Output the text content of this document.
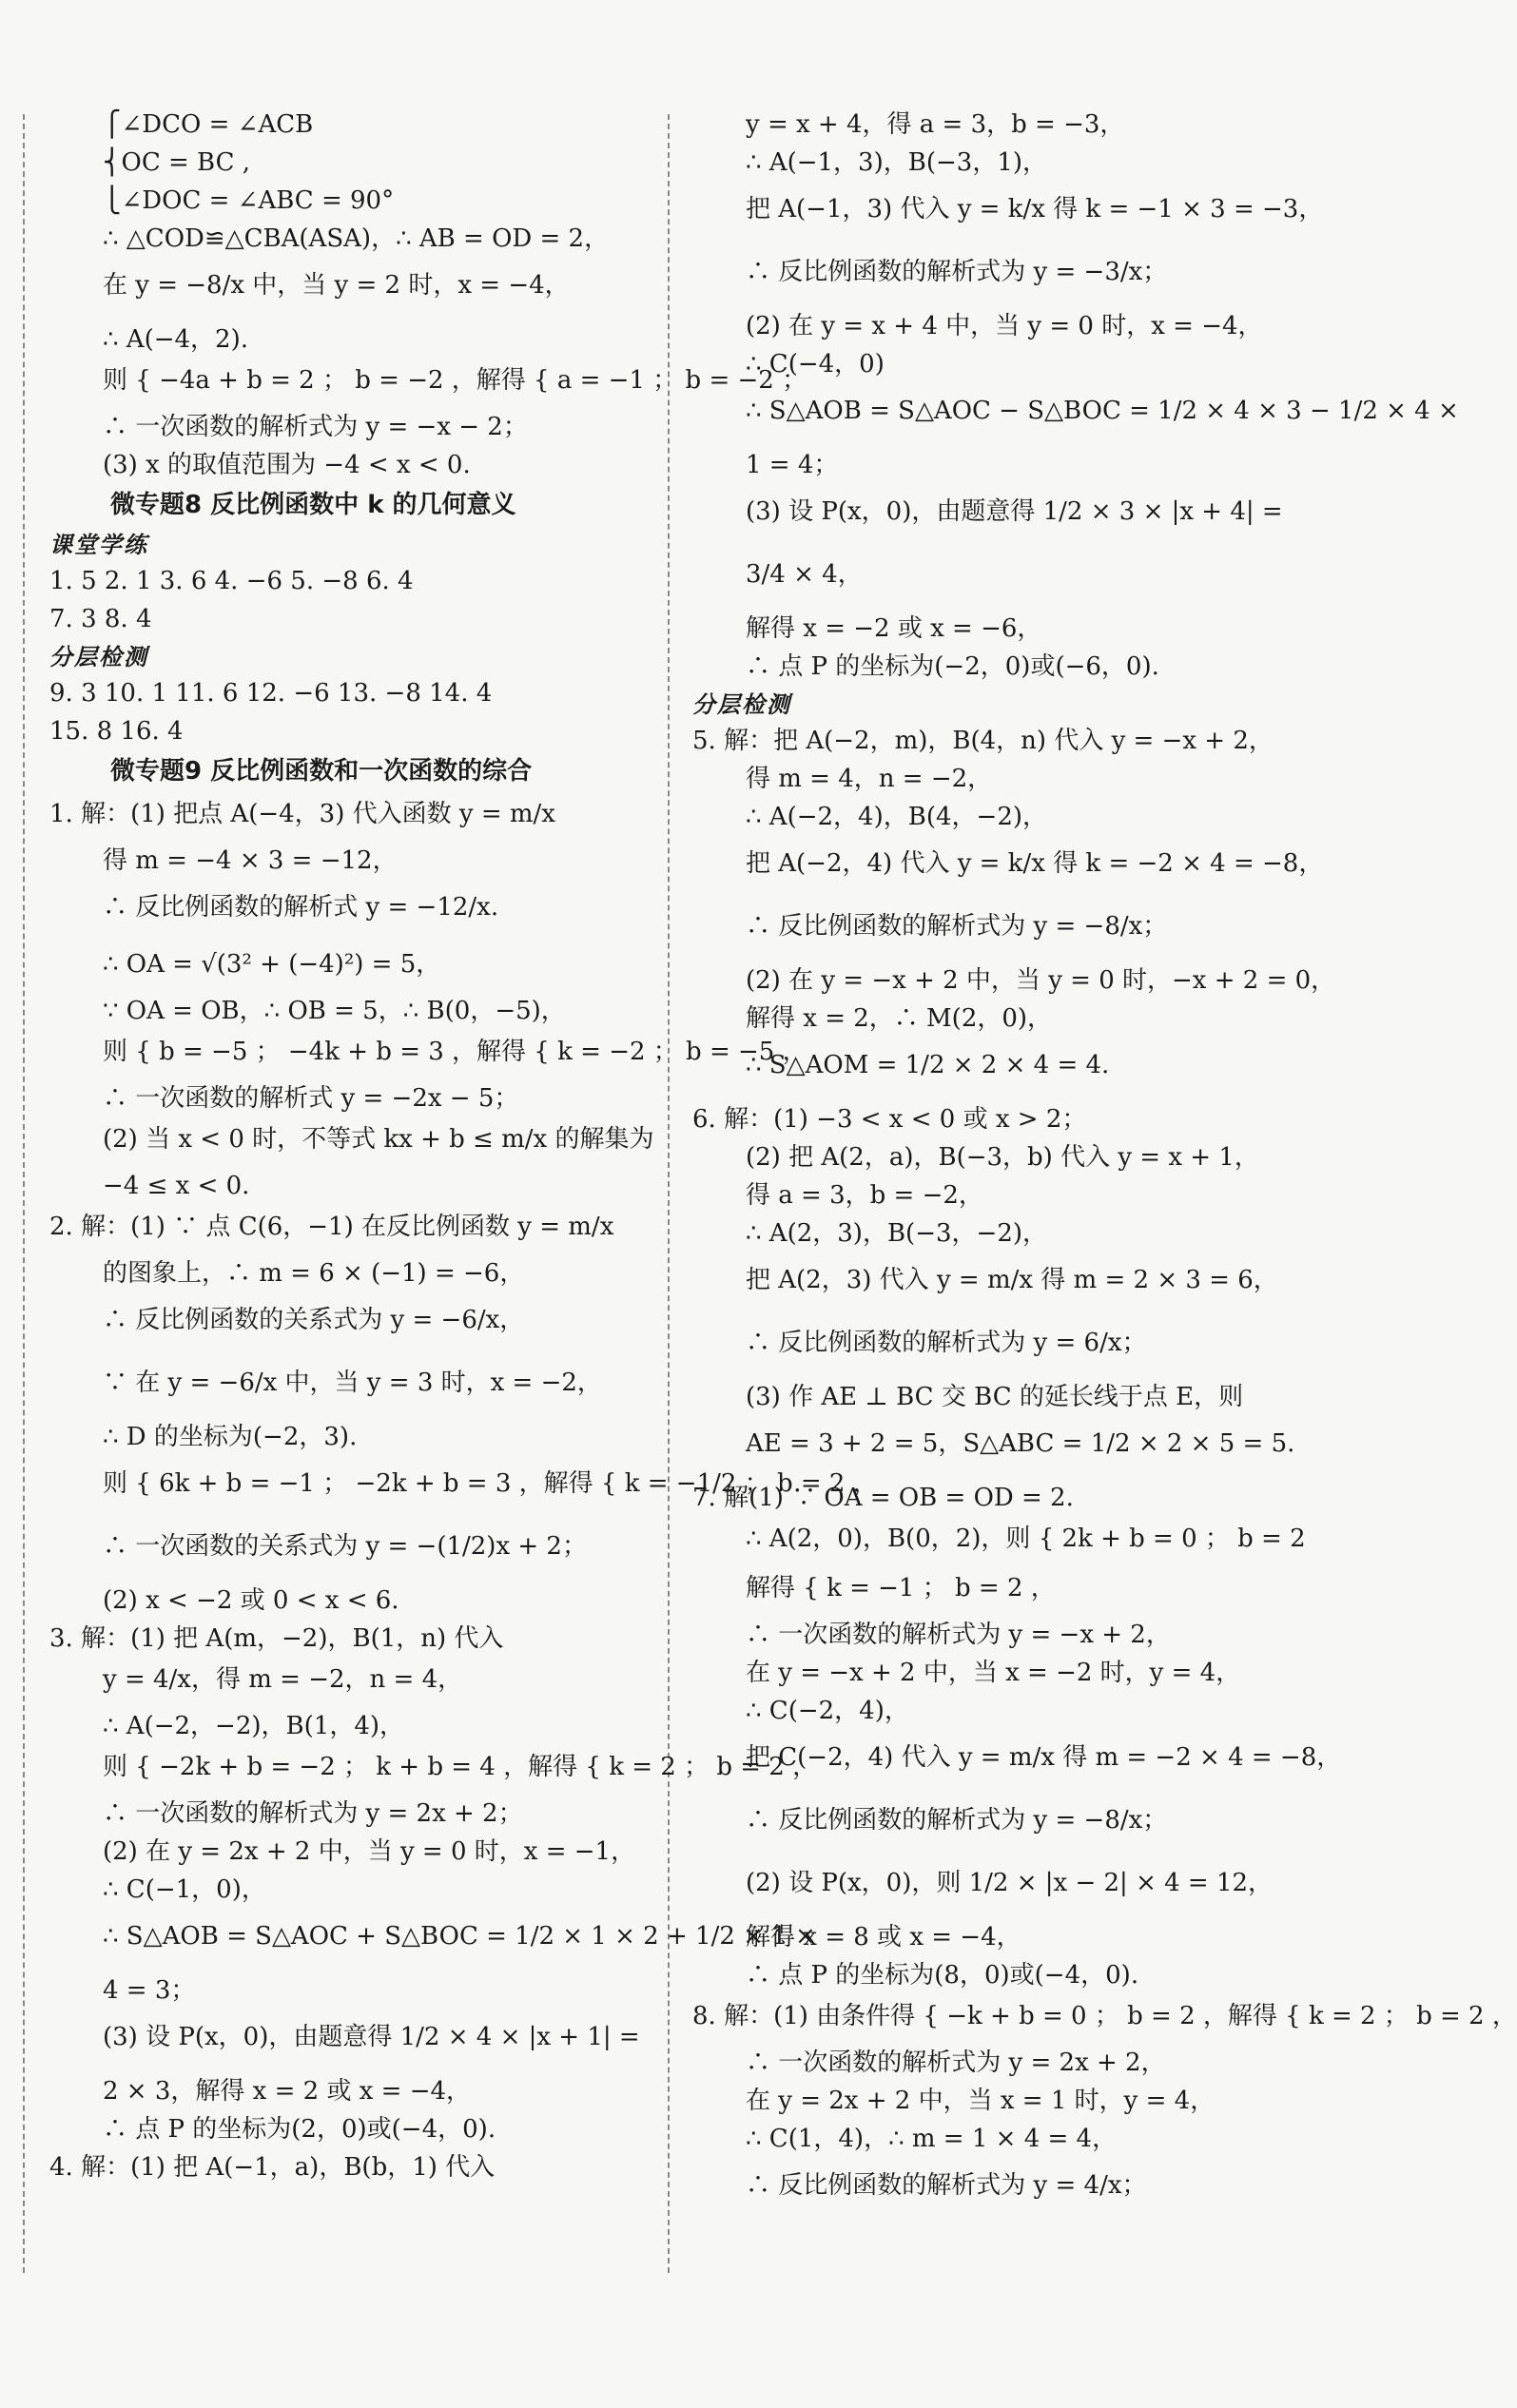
⎧∠DCO = ∠ACB
⎨OC = BC ,
⎩∠DOC = ∠ABC = 90°
∴ △COD≌△CBA(ASA)，∴ AB = OD = 2，
在 y = −8/x 中，当 y = 2 时，x = −4，
∴ A(−4，2).
则 { −4a + b = 2 ； b = −2 ，解得 { a = −1 ； b = −2 ；
∴ 一次函数的解析式为 y = −x − 2；
(3) x 的取值范围为 −4 < x < 0.
微专题8 反比例函数中 k 的几何意义
课堂学练
1. 5 2. 1 3. 6 4. −6 5. −8 6. 4
7. 3 8. 4
分层检测
9. 3 10. 1 11. 6 12. −6 13. −8 14. 4
15. 8 16. 4
微专题9 反比例函数和一次函数的综合
1. 解：(1) 把点 A(−4，3) 代入函数 y = m/x
得 m = −4 × 3 = −12，
∴ 反比例函数的解析式 y = −12/x.
∴ OA = √(3² + (−4)²) = 5，
∵ OA = OB，∴ OB = 5，∴ B(0，−5)，
则 { b = −5 ； −4k + b = 3 ，解得 { k = −2 ； b = −5 ，
∴ 一次函数的解析式 y = −2x − 5；
(2) 当 x < 0 时，不等式 kx + b ≤ m/x 的解集为
−4 ≤ x < 0.
2. 解：(1) ∵ 点 C(6，−1) 在反比例函数 y = m/x
的图象上，∴ m = 6 × (−1) = −6，
∴ 反比例函数的关系式为 y = −6/x，
∵ 在 y = −6/x 中，当 y = 3 时，x = −2，
∴ D 的坐标为(−2，3).
则 { 6k + b = −1 ； −2k + b = 3 ，解得 { k = −1/2 ； b = 2 ，
∴ 一次函数的关系式为 y = −(1/2)x + 2；
(2) x < −2 或 0 < x < 6.
3. 解：(1) 把 A(m，−2)，B(1，n) 代入
y = 4/x，得 m = −2，n = 4，
∴ A(−2，−2)，B(1，4)，
则 { −2k + b = −2 ； k + b = 4 ，解得 { k = 2 ； b = 2 ，
∴ 一次函数的解析式为 y = 2x + 2；
(2) 在 y = 2x + 2 中，当 y = 0 时，x = −1，
∴ C(−1，0)，
∴ S△AOB = S△AOC + S△BOC = 1/2 × 1 × 2 + 1/2 × 1 ×
4 = 3；
(3) 设 P(x，0)，由题意得 1/2 × 4 × |x + 1| =
2 × 3，解得 x = 2 或 x = −4，
∴ 点 P 的坐标为(2，0)或(−4，0).
4. 解：(1) 把 A(−1，a)，B(b，1) 代入
y = x + 4，得 a = 3，b = −3，
∴ A(−1，3)，B(−3，1)，
把 A(−1，3) 代入 y = k/x 得 k = −1 × 3 = −3，
∴ 反比例函数的解析式为 y = −3/x；
(2) 在 y = x + 4 中，当 y = 0 时，x = −4，
∴ C(−4，0)
∴ S△AOB = S△AOC − S△BOC = 1/2 × 4 × 3 − 1/2 × 4 ×
1 = 4；
(3) 设 P(x，0)，由题意得 1/2 × 3 × |x + 4| =
3/4 × 4，
解得 x = −2 或 x = −6，
∴ 点 P 的坐标为(−2，0)或(−6，0).
分层检测
5. 解：把 A(−2，m)，B(4，n) 代入 y = −x + 2，
得 m = 4，n = −2，
∴ A(−2，4)，B(4，−2)，
把 A(−2，4) 代入 y = k/x 得 k = −2 × 4 = −8，
∴ 反比例函数的解析式为 y = −8/x；
(2) 在 y = −x + 2 中，当 y = 0 时，−x + 2 = 0，
解得 x = 2，∴ M(2，0)，
∴ S△AOM = 1/2 × 2 × 4 = 4.
6. 解：(1) −3 < x < 0 或 x > 2；
(2) 把 A(2，a)，B(−3，b) 代入 y = x + 1，
得 a = 3，b = −2，
∴ A(2，3)，B(−3，−2)，
把 A(2，3) 代入 y = m/x 得 m = 2 × 3 = 6，
∴ 反比例函数的解析式为 y = 6/x；
(3) 作 AE ⊥ BC 交 BC 的延长线于点 E，则
AE = 3 + 2 = 5，S△ABC = 1/2 × 2 × 5 = 5.
7. 解(1) ∵ OA = OB = OD = 2.
∴ A(2，0)，B(0，2)，则 { 2k + b = 0 ； b = 2
解得 { k = −1 ； b = 2 ，
∴ 一次函数的解析式为 y = −x + 2，
在 y = −x + 2 中，当 x = −2 时，y = 4，
∴ C(−2，4)，
把 C(−2，4) 代入 y = m/x 得 m = −2 × 4 = −8，
∴ 反比例函数的解析式为 y = −8/x；
(2) 设 P(x，0)，则 1/2 × |x − 2| × 4 = 12，
解得 x = 8 或 x = −4，
∴ 点 P 的坐标为(8，0)或(−4，0).
8. 解：(1) 由条件得 { −k + b = 0 ； b = 2 ，解得 { k = 2 ； b = 2 ，
∴ 一次函数的解析式为 y = 2x + 2，
在 y = 2x + 2 中，当 x = 1 时，y = 4，
∴ C(1，4)，∴ m = 1 × 4 = 4，
∴ 反比例函数的解析式为 y = 4/x；
